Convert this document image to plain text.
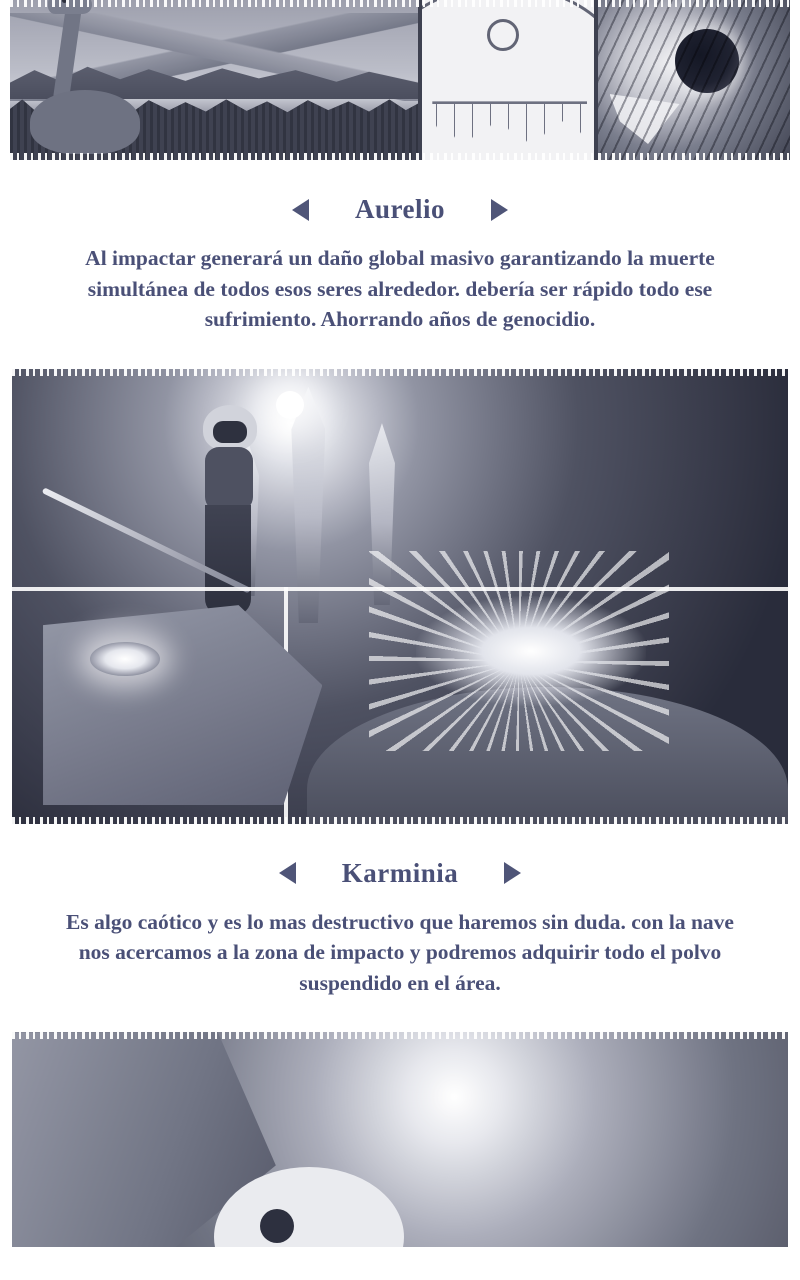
Aurelio
Al impactar generará un daño global masivo garantizando la muerte simultánea de todos esos seres alrededor. debería ser rápido todo ese sufrimiento. Ahorrando años de genocidio.
Karminia
Es algo caótico y es lo mas destructivo que haremos sin duda. con la nave nos acercamos a la zona de impacto y podremos adquirir todo el polvo suspendido en el área.
